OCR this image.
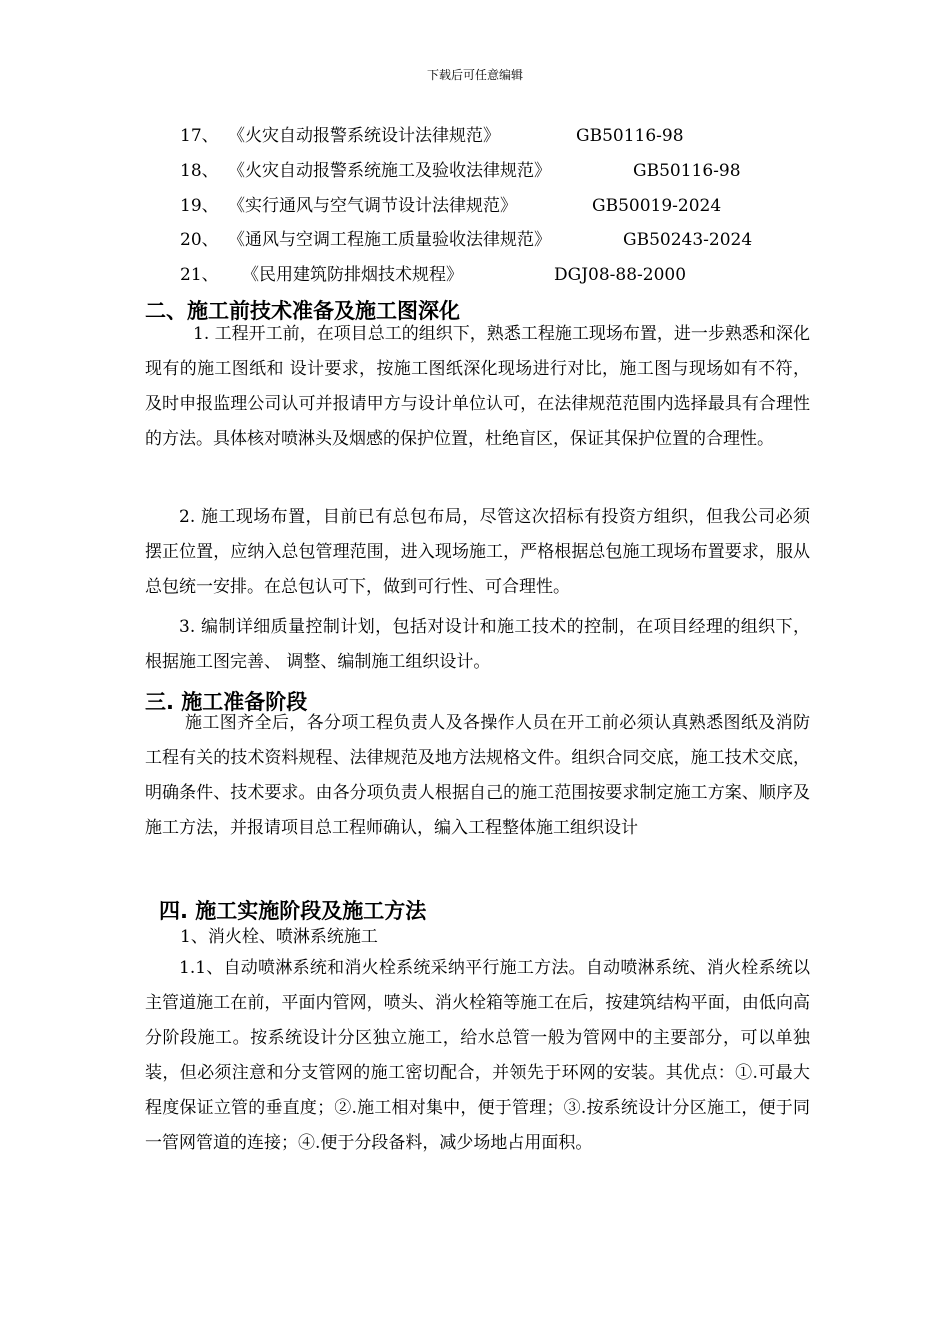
下载后可任意编辑
17、 《火灾自动报警系统设计法律规范》	GB50116-98
18、 《火灾自动报警系统施工及验收法律规范》	GB50116-98
19、 《实行通风与空气调节设计法律规范》	GB50019-2024
20、 《通风与空调工程施工质量验收法律规范》	GB50243-2024
21、 《民用建筑防排烟技术规程》	DGJ08-88-2000
二、施工前技术准备及施工图深化

1. 工程开工前，在项目总工的组织下，熟悉工程施工现场布置，进一步熟悉和深化现有的施工图纸和 设计要求，按施工图纸深化现场进行对比，施工图与现场如有不符，及时申报监理公司认可并报请甲方与设计单位认可，在法律规范范围内选择最具有合理性的方法。具体核对喷淋头及烟感的保护位置，杜绝盲区，保证其保护位置的合理性。

2. 施工现场布置，目前已有总包布局，尽管这次招标有投资方组织，但我公司必须摆正位置，应纳入总包管理范围，进入现场施工，严格根据总包施工现场布置要求，服从总包统一安排。在总包认可下，做到可行性、可合理性。

3. 编制详细质量控制计划，包括对设计和施工技术的控制，在项目经理的组织下，根据施工图完善、 调整、编制施工组织设计。

三. 施工准备阶段

施工图齐全后，各分项工程负责人及各操作人员在开工前必须认真熟悉图纸及消防工程有关的技术资料规程、法律规范及地方法规格文件。组织合同交底，施工技术交底，明确条件、技术要求。由各分项负责人根据自己的施工范围按要求制定施工方案、顺序及施工方法，并报请项目总工程师确认，编入工程整体施工组织设计

四. 施工实施阶段及施工方法
1、消火栓、喷淋系统施工

1.1、自动喷淋系统和消火栓系统采纳平行施工方法。自动喷淋系统、消火栓系统以主管道施工在前，平面内管网，喷头、消火栓箱等施工在后，按建筑结构平面，由低向高分阶段施工。按系统设计分区独立施工，给水总管一般为管网中的主要部分，可以单独装，但必须注意和分支管网的施工密切配合，并领先于环网的安装。其优点：①.可最大程度保证立管的垂直度；②.施工相对集中，便于管理；③.按系统设计分区施工，便于同一管网管道的连接；④.便于分段备料，减少场地占用面积。
